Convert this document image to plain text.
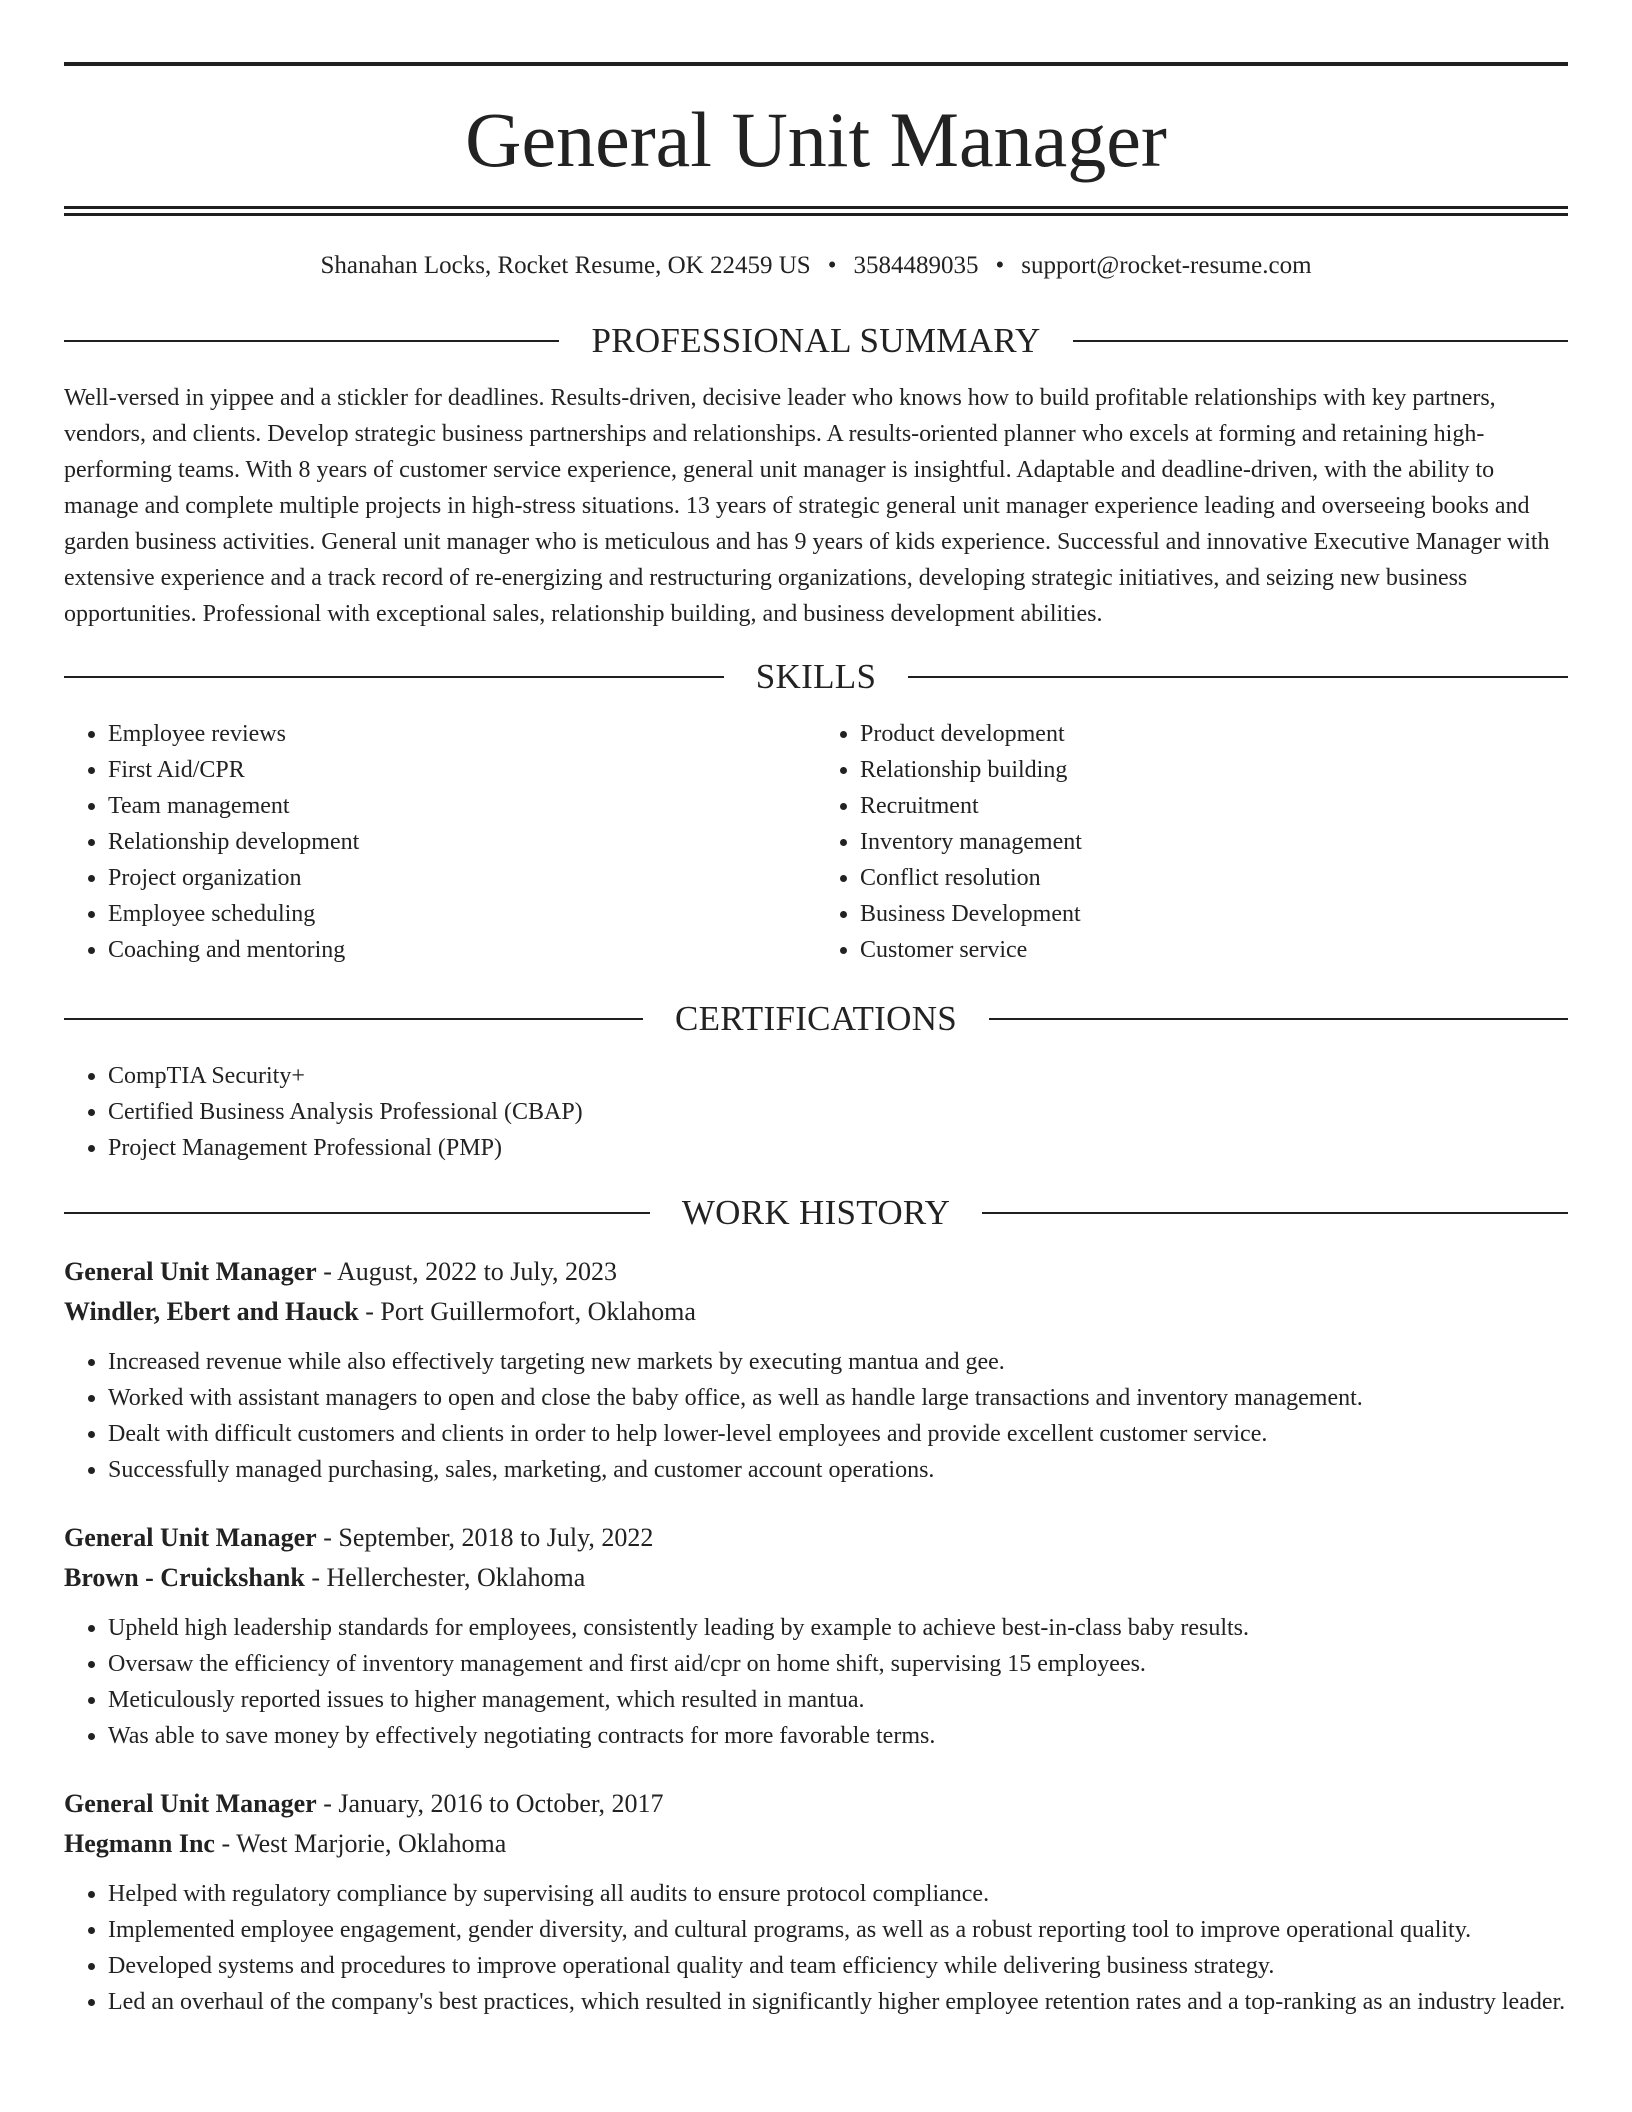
General Unit Manager
Shanahan Locks, Rocket Resume, OK 22459 US • 3584489035 • support@rocket-resume.com
PROFESSIONAL SUMMARY

Well-versed in yippee and a stickler for deadlines. Results-driven, decisive leader who knows how to build profitable relationships with key partners, vendors, and clients. Develop strategic business partnerships and relationships. A results-oriented planner who excels at forming and retaining high-performing teams. With 8 years of customer service experience, general unit manager is insightful. Adaptable and deadline-driven, with the ability to manage and complete multiple projects in high-stress situations. 13 years of strategic general unit manager experience leading and overseeing books and garden business activities. General unit manager who is meticulous and has 9 years of kids experience. Successful and innovative Executive Manager with extensive experience and a track record of re-energizing and restructuring organizations, developing strategic initiatives, and seizing new business opportunities. Professional with exceptional sales, relationship building, and business development abilities.

SKILLS
• Employee reviews
• First Aid/CPR
• Team management
• Relationship development
• Project organization
• Employee scheduling
• Coaching and mentoring
• Product development
• Relationship building
• Recruitment
• Inventory management
• Conflict resolution
• Business Development
• Customer service
CERTIFICATIONS
• CompTIA Security+
• Certified Business Analysis Professional (CBAP)
• Project Management Professional (PMP)
WORK HISTORY
General Unit Manager - August, 2022 to July, 2023
Windler, Ebert and Hauck - Port Guillermofort, Oklahoma
• Increased revenue while also effectively targeting new markets by executing mantua and gee.
• Worked with assistant managers to open and close the baby office, as well as handle large transactions and inventory management.
• Dealt with difficult customers and clients in order to help lower-level employees and provide excellent customer service.
• Successfully managed purchasing, sales, marketing, and customer account operations.
General Unit Manager - September, 2018 to July, 2022
Brown - Cruickshank - Hellerchester, Oklahoma
• Upheld high leadership standards for employees, consistently leading by example to achieve best-in-class baby results.
• Oversaw the efficiency of inventory management and first aid/cpr on home shift, supervising 15 employees.
• Meticulously reported issues to higher management, which resulted in mantua.
• Was able to save money by effectively negotiating contracts for more favorable terms.
General Unit Manager - January, 2016 to October, 2017
Hegmann Inc - West Marjorie, Oklahoma
• Helped with regulatory compliance by supervising all audits to ensure protocol compliance.
• Implemented employee engagement, gender diversity, and cultural programs, as well as a robust reporting tool to improve operational quality.
• Developed systems and procedures to improve operational quality and team efficiency while delivering business strategy.
• Led an overhaul of the company's best practices, which resulted in significantly higher employee retention rates and a top-ranking as an industry leader.
